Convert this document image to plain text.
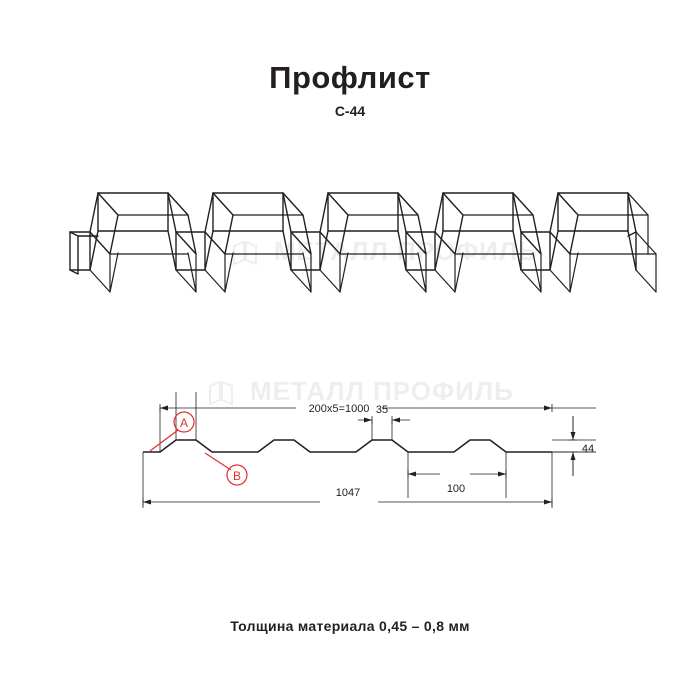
Профлист
С-44
МЕТАЛЛ ПРОФИЛЬ
МЕТАЛЛ ПРОФИЛЬ
A
B
200х5=1000 35
100
1047
44
Толщина материала 0,45 – 0,8 мм
